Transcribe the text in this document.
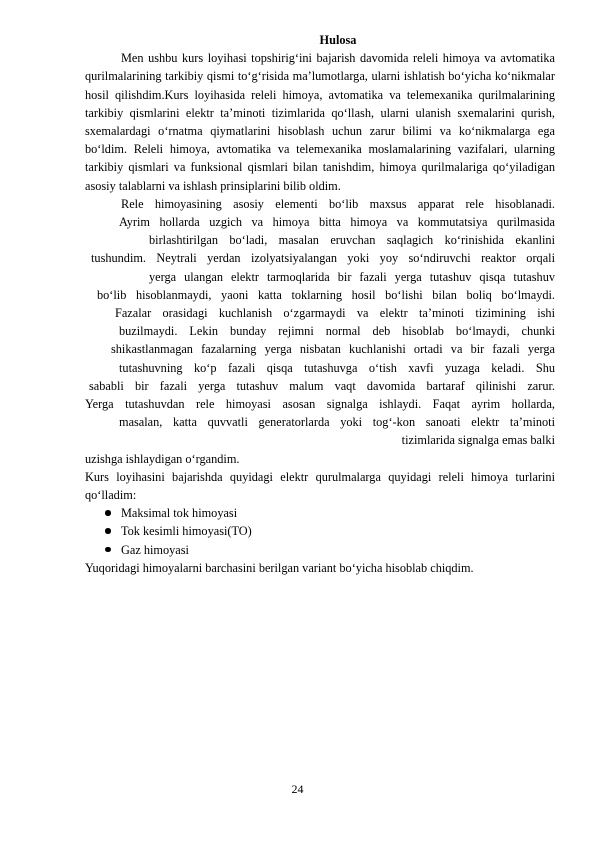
Hulosa

Men ushbu kurs loyihasi topshirig‘ini bajarish davomida releli himoya va avtomatika qurilmalarining tarkibiy qismi to‘g‘risida ma’lumotlarga, ularni ishlatish bo‘yicha ko‘nikmalar hosil qilishdim.Kurs loyihasida releli himoya, avtomatika va telemexanika qurilmalarining tarkibiy qismlarini elektr ta’minoti tizimlarida qo‘llash, ularni ulanish sxemalarini qurish, sxemalardagi o‘rnatma qiymatlarini hisoblash uchun zarur bilimi va ko‘nikmalarga ega bo‘ldim. Releli himoya, avtomatika va telemexanika moslamalarining vazifalari, ularning tarkibiy qismlari va funksional qismlari bilan tanishdim, himoya qurilmalariga qo‘yiladigan asosiy talablarni va ishlash prinsiplarini bilib oldim.

Rele himoyasining asosiy elementi bo‘lib maxsus apparat rele hisoblanadi.
Ayrim hollarda uzgich va himoya bitta himoya va kommutatsiya qurilmasida
birlashtirilgan bo‘ladi, masalan eruvchan saqlagich ko‘rinishida ekanlini
tushundim. Neytrali yerdan izolyatsiyalangan yoki yoy so‘ndiruvchi reaktor orqali
yerga ulangan elektr tarmoqlarida bir fazali yerga tutashuv qisqa tutashuv
bo‘lib hisoblanmaydi, yaoni katta toklarning hosil bo‘lishi bilan boliq bo‘lmaydi.
Fazalar orasidagi kuchlanish o‘zgarmaydi va elektr ta’minoti tizimining ishi
buzilmaydi. Lekin bunday rejimni normal deb hisoblab bo‘lmaydi, chunki
shikastlanmagan fazalarning yerga nisbatan kuchlanishi ortadi va bir fazali yerga
tutashuvning ko‘p fazali qisqa tutashuvga o‘tish xavfi yuzaga keladi. Shu
sababli bir fazali yerga tutashuv malum vaqt davomida bartaraf qilinishi zarur.
Yerga tutashuvdan rele himoyasi asosan signalga ishlaydi. Faqat ayrim hollarda,
masalan, katta quvvatli generatorlarda yoki tog‘-kon sanoati elektr ta’minoti
tizimlarida signalga emas balki

uzishga ishlaydigan o‘rgandim.

Kurs loyihasini bajarishda quyidagi elektr qurulmalarga quyidagi releli himoya turlarini qo‘lladim:

Maksimal tok himoyasi
Tok kesimli himoyasi(TO)
Gaz himoyasi

Yuqoridagi himoyalarni barchasini berilgan variant bo‘yicha hisoblab chiqdim.

24
